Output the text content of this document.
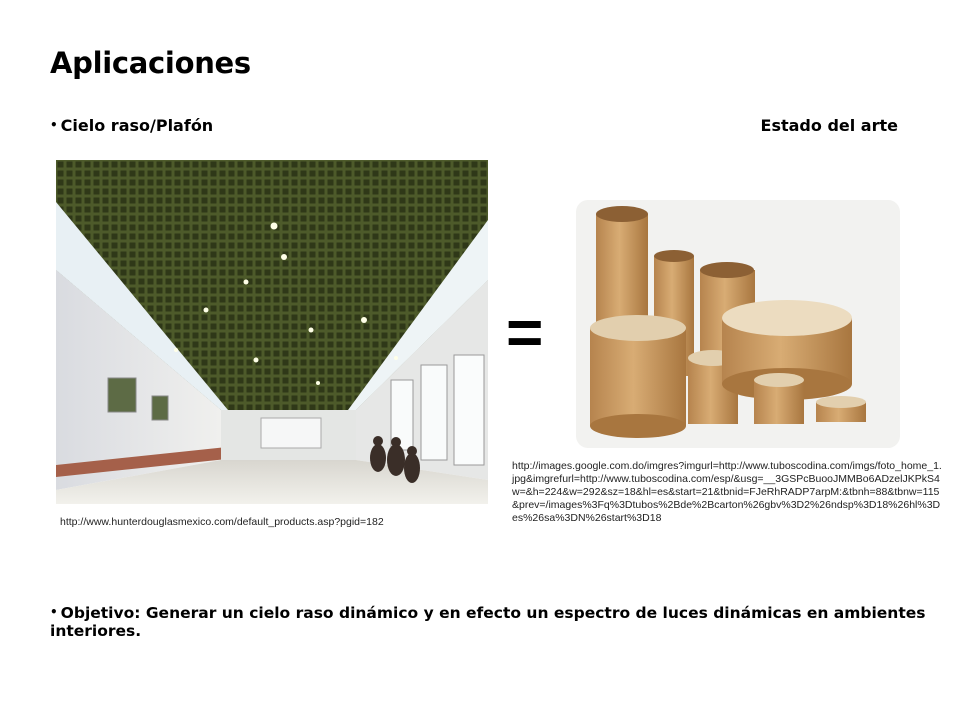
Aplicaciones
• Cielo raso/Plafón	Estado del arte
http://www.hunterdouglasmexico.com/default_products.asp?pgid=182
=
http://images.google.com.do/imgres?imgurl=http://www.tuboscodina.com/imgs/foto_home_1.jpg&imgrefurl=http://www.tuboscodina.com/esp/&usg=__3GSPcBuooJMMBo6ADzelJKPkS4w=&h=224&w=292&sz=18&hl=es&start=21&tbnid=FJeRhRADP7arpM:&tbnh=88&tbnw=115&prev=/images%3Fq%3Dtubos%2Bde%2Bcarton%26gbv%3D2%26ndsp%3D18%26hl%3Des%26sa%3DN%26start%3D18
• Objetivo: Generar un cielo raso dinámico y en efecto un espectro de luces dinámicas en ambientes interiores.
